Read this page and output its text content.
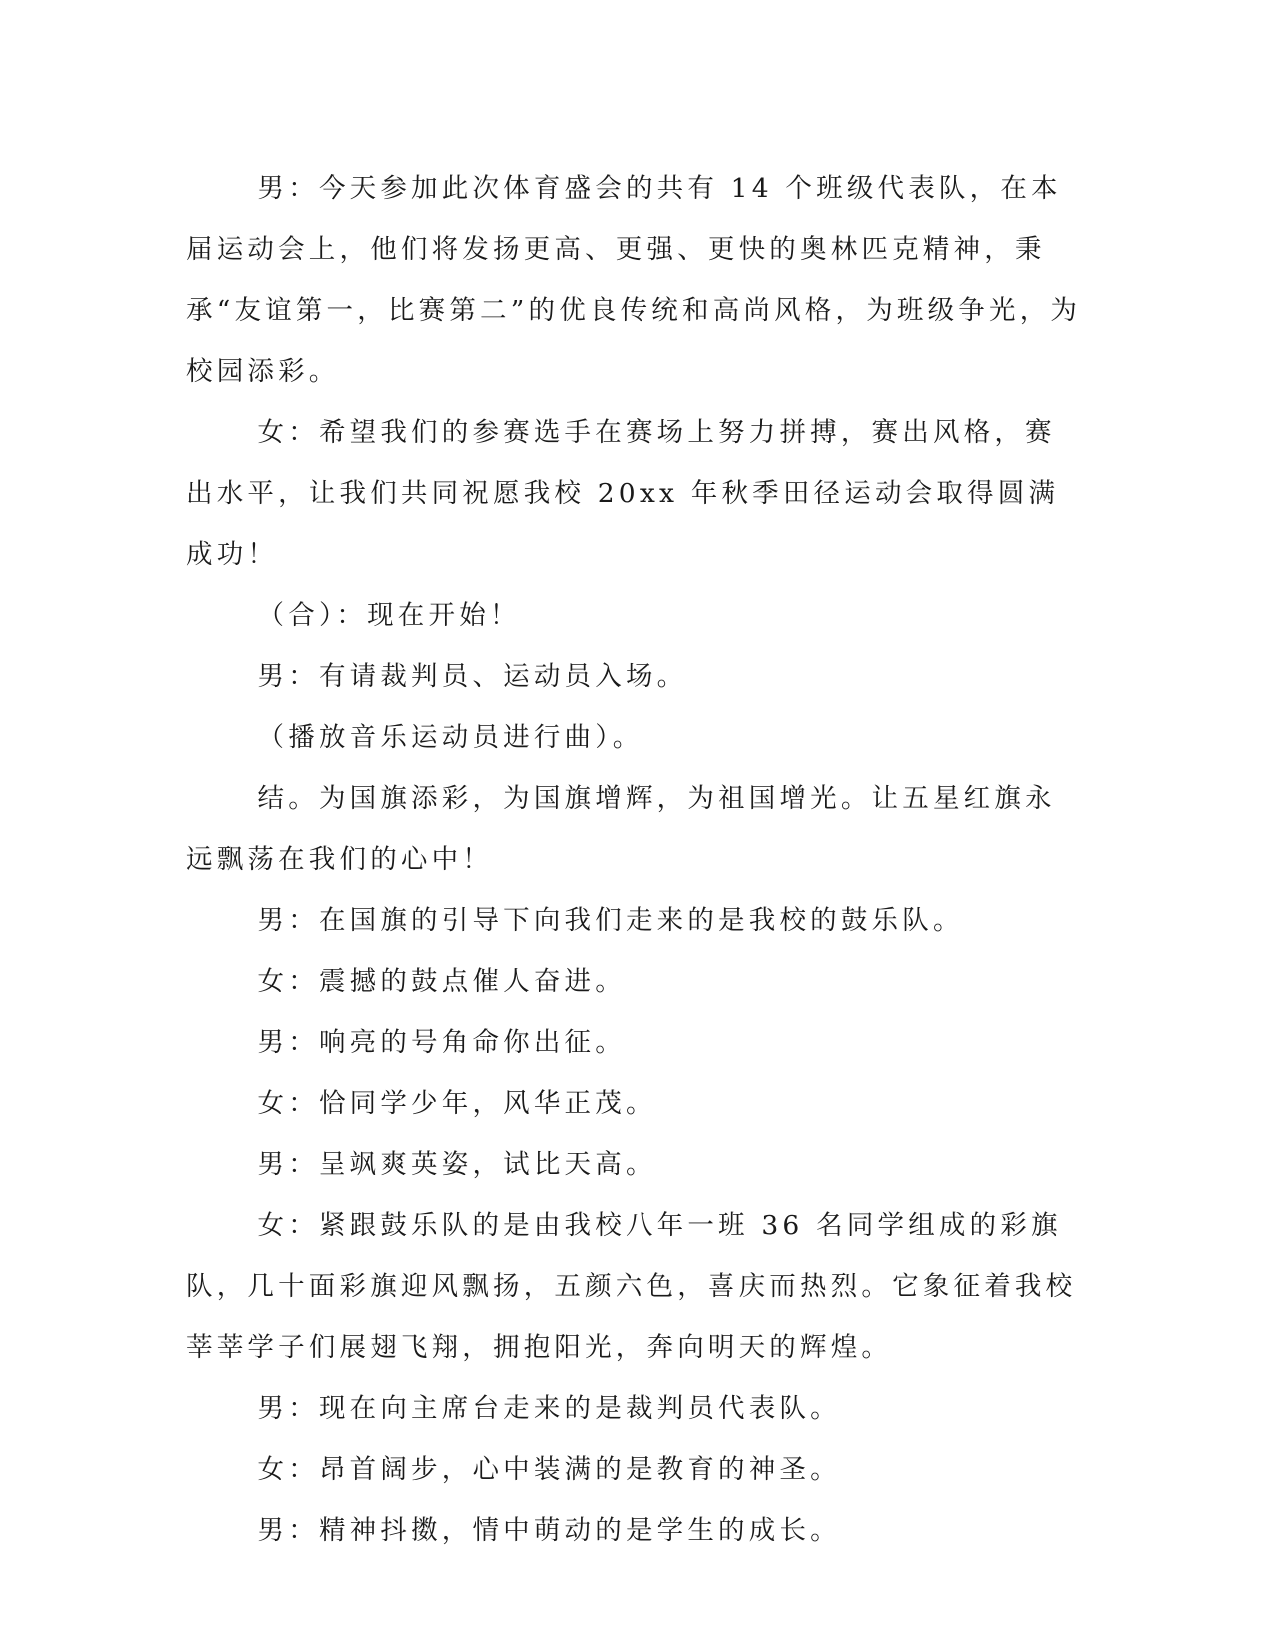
男：今天参加此次体育盛会的共有 14 个班级代表队，在本届运动会上，他们将发扬更高、更强、更快的奥林匹克精神，秉承“友谊第一，比赛第二”的优良传统和高尚风格，为班级争光，为校园添彩。

女：希望我们的参赛选手在赛场上努力拼搏，赛出风格，赛出水平，让我们共同祝愿我校 20xx 年秋季田径运动会取得圆满成功！

（合）：现在开始！

男：有请裁判员、运动员入场。

（播放音乐运动员进行曲）。

结。为国旗添彩，为国旗增辉，为祖国增光。让五星红旗永远飘荡在我们的心中！

男：在国旗的引导下向我们走来的是我校的鼓乐队。

女：震撼的鼓点催人奋进。

男：响亮的号角命你出征。

女：恰同学少年，风华正茂。

男：呈飒爽英姿，试比天高。

女：紧跟鼓乐队的是由我校八年一班 36 名同学组成的彩旗队，几十面彩旗迎风飘扬，五颜六色，喜庆而热烈。它象征着我校莘莘学子们展翅飞翔，拥抱阳光，奔向明天的辉煌。

男：现在向主席台走来的是裁判员代表队。

女：昂首阔步，心中装满的是教育的神圣。

男：精神抖擞，情中萌动的是学生的成长。
